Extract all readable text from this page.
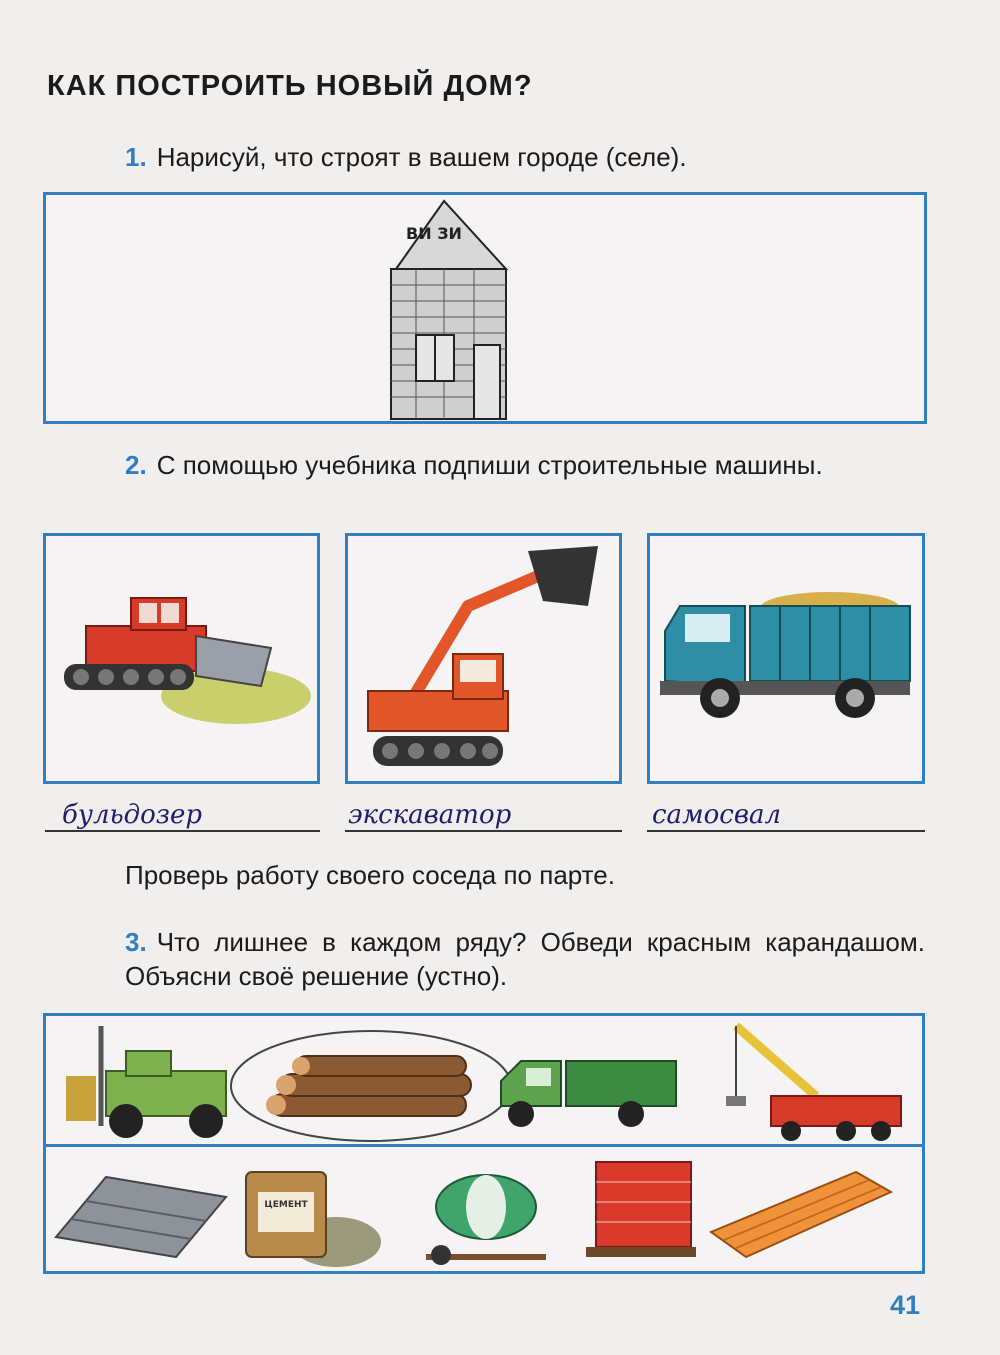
КАК ПОСТРОИТЬ НОВЫЙ ДОМ?
1. Нарисуй, что строят в вашем городе (селе).
ВИ ЗИ
2. С помощью учебника подпиши строительные машины.
бульдозер	экскаватор	самосвал
Проверь работу своего соседа по парте.
3. Что лишнее в каждом ряду? Обведи красным карандашом. Объясни своё решение (устно).
ЦЕМЕНТ
41
